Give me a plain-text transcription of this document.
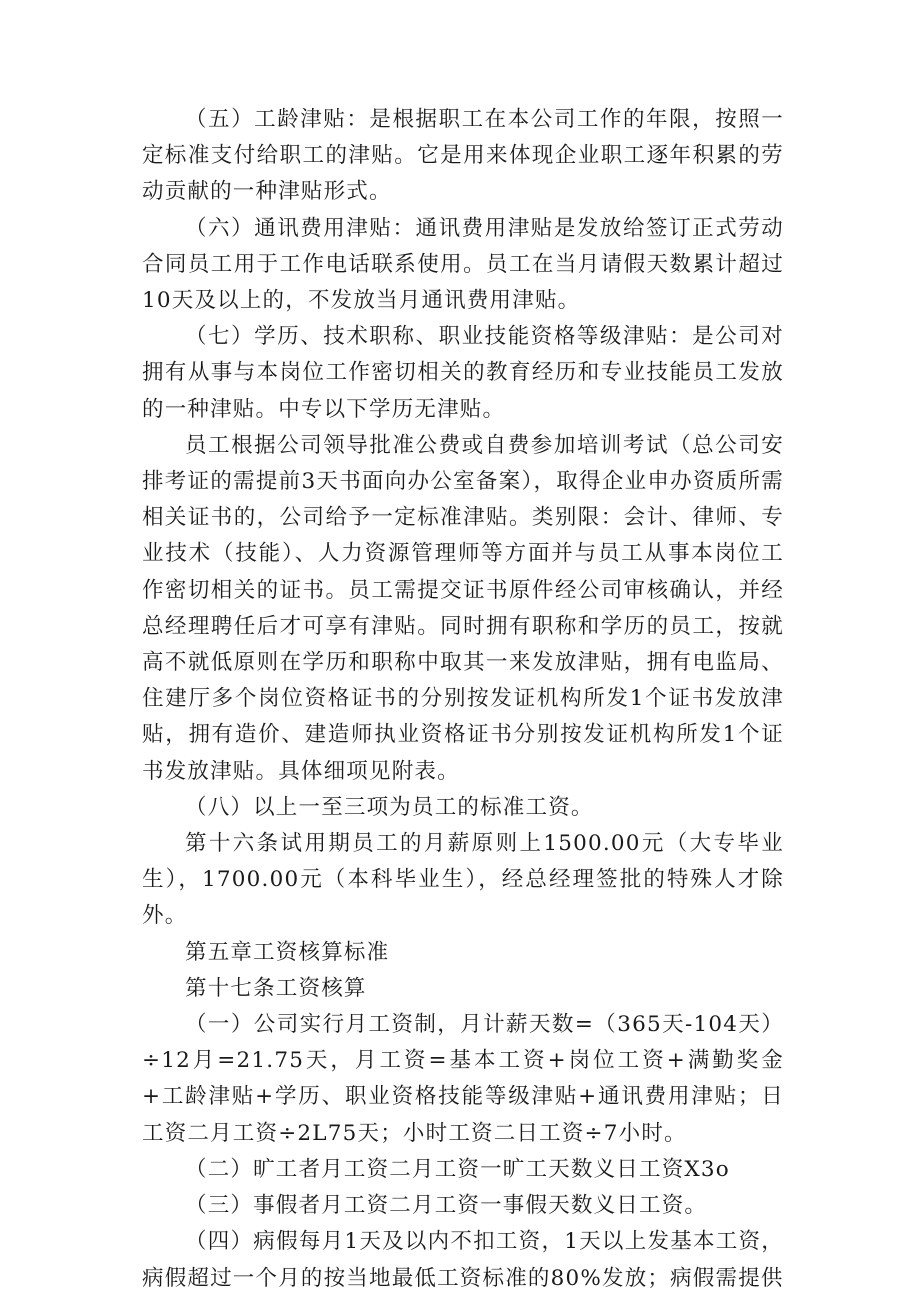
（五）工龄津贴：是根据职工在本公司工作的年限，按照一定标准支付给职工的津贴。它是用来体现企业职工逐年积累的劳动贡献的一种津贴形式。

（六）通讯费用津贴：通讯费用津贴是发放给签订正式劳动合同员工用于工作电话联系使用。员工在当月请假天数累计超过10天及以上的，不发放当月通讯费用津贴。

（七）学历、技术职称、职业技能资格等级津贴：是公司对拥有从事与本岗位工作密切相关的教育经历和专业技能员工发放的一种津贴。中专以下学历无津贴。

员工根据公司领导批准公费或自费参加培训考试（总公司安排考证的需提前3天书面向办公室备案），取得企业申办资质所需相关证书的，公司给予一定标准津贴。类别限：会计、律师、专业技术（技能）、人力资源管理师等方面并与员工从事本岗位工作密切相关的证书。员工需提交证书原件经公司审核确认，并经总经理聘任后才可享有津贴。同时拥有职称和学历的员工，按就高不就低原则在学历和职称中取其一来发放津贴，拥有电监局、住建厅多个岗位资格证书的分别按发证机构所发1个证书发放津贴，拥有造价、建造师执业资格证书分别按发证机构所发1个证书发放津贴。具体细项见附表。

（八）以上一至三项为员工的标准工资。

第十六条试用期员工的月薪原则上1500.00元（大专毕业生），1700.00元（本科毕业生），经总经理签批的特殊人才除外。

第五章工资核算标准

第十七条工资核算

（一）公司实行月工资制，月计薪天数=（365天-104天）÷12月=21.75天，月工资=基本工资+岗位工资+满勤奖金+工龄津贴+学历、职业资格技能等级津贴+通讯费用津贴；日工资二月工资÷2L75天；小时工资二日工资÷7小时。

（二）旷工者月工资二月工资一旷工天数义日工资X3o

（三）事假者月工资二月工资一事假天数义日工资。

（四）病假每月1天及以内不扣工资，1天以上发基本工资，病假超过一个月的按当地最低工资标准的80%发放；病假需提供
